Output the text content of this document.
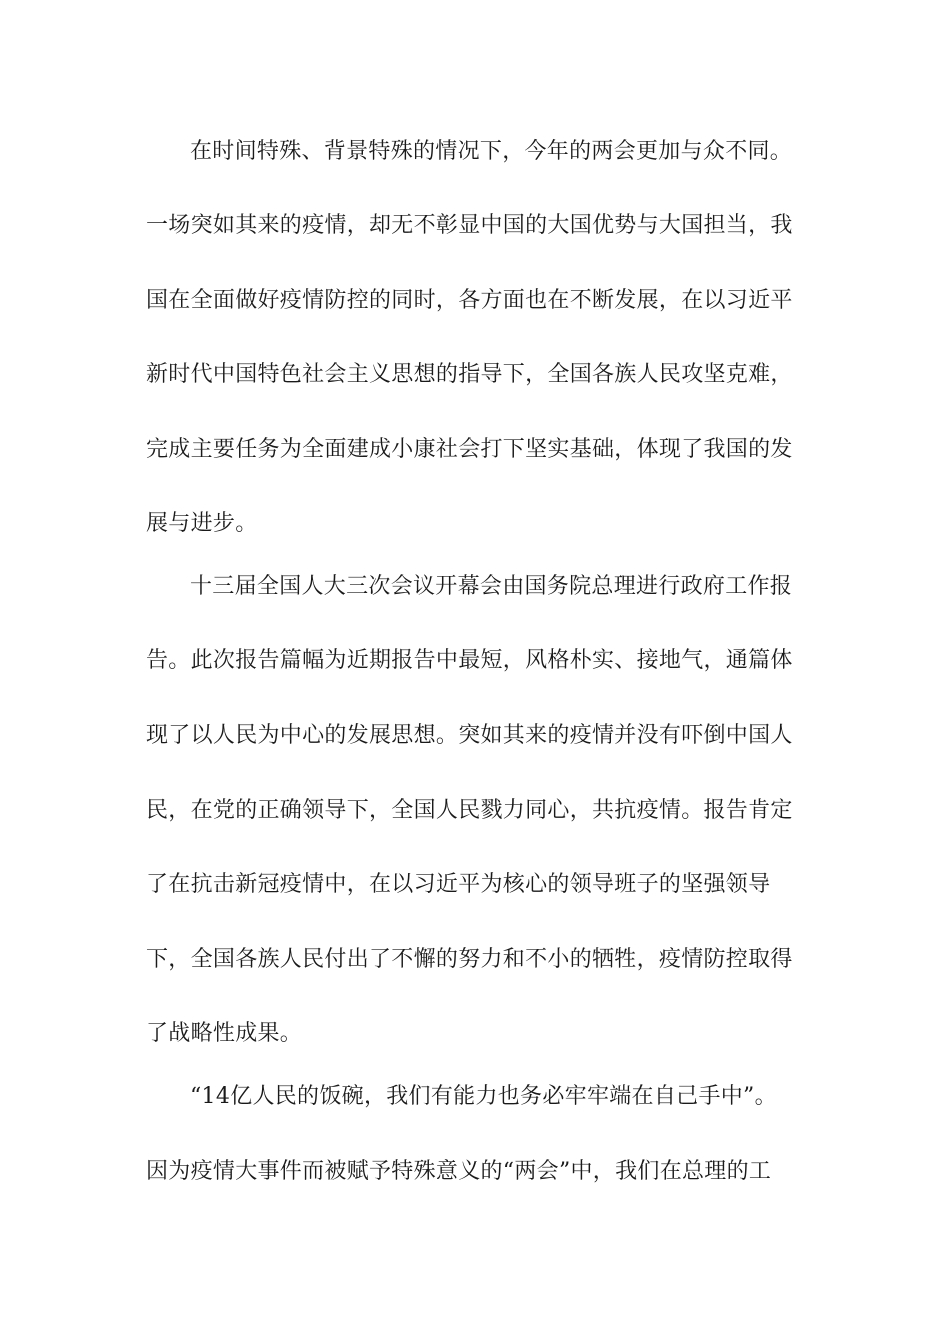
在时间特殊、背景特殊的情况下，今年的两会更加与众不同。
一场突如其来的疫情，却无不彰显中国的大国优势与大国担当，我
国在全面做好疫情防控的同时，各方面也在不断发展，在以习近平
新时代中国特色社会主义思想的指导下，全国各族人民攻坚克难，
完成主要任务为全面建成小康社会打下坚实基础，体现了我国的发
展与进步。
十三届全国人大三次会议开幕会由国务院总理进行政府工作报
告。此次报告篇幅为近期报告中最短，风格朴实、接地气，通篇体
现了以人民为中心的发展思想。突如其来的疫情并没有吓倒中国人
民，在党的正确领导下，全国人民戮力同心，共抗疫情。报告肯定
了在抗击新冠疫情中，在以习近平为核心的领导班子的坚强领导
下，全国各族人民付出了不懈的努力和不小的牺牲，疫情防控取得
了战略性成果。
“14亿人民的饭碗，我们有能力也务必牢牢端在自己手中”。
因为疫情大事件而被赋予特殊意义的“两会”中，我们在总理的工
